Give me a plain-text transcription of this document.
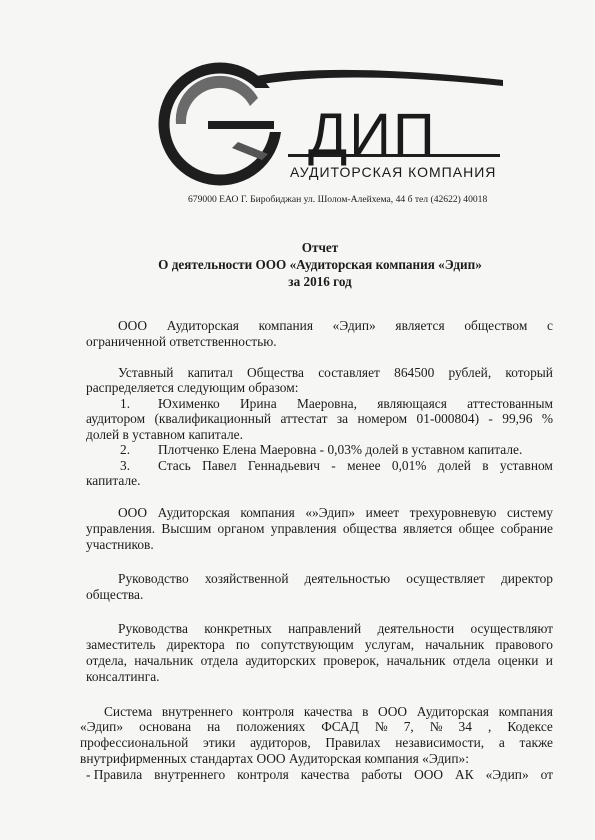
ДИП
АУДИТОРСКАЯ КОМПАНИЯ
679000 ЕАО Г. Биробиджан ул. Шолом-Алейхема, 44 б тел (42622) 40018
Отчет
О деятельности ООО «Аудиторская компания «Эдип»
за 2016 год
ООО Аудиторская компания «Эдип» является обществом с
ограниченной ответственностью.
Уставный капитал Общества составляет 864500 рублей, который
распределяется следующим образом:
1. Юхименко Ирина Маеровна, являющаяся аттестованным
аудитором (квалификационный аттестат за номером 01-000804) - 99,96 %
долей в уставном капитале.
2. Плотченко Елена Маеровна - 0,03% долей в уставном капитале.
3. Стась Павел Геннадьевич - менее 0,01% долей в уставном
капитале.
ООО Аудиторская компания «»Эдип» имеет трехуровневую систему
управления. Высшим органом управления общества является общее собрание
участников.
Руководство хозяйственной деятельностью осуществляет директор
общества.
Руководства конкретных направлений деятельности осуществляют
заместитель директора по сопутствующим услугам, начальник правового
отдела, начальник отдела аудиторских проверок, начальник отдела оценки и
консалтинга.
Система внутреннего контроля качества в ООО Аудиторская компания
«Эдип» основана на положениях ФСАД № 7, № 34 , Кодексе
профессиональной этики аудиторов, Правилах независимости, а также
внутрифирменных стандартах ООО Аудиторская компания «Эдип»:
- Правила внутреннего контроля качества работы ООО АК «Эдип» от
